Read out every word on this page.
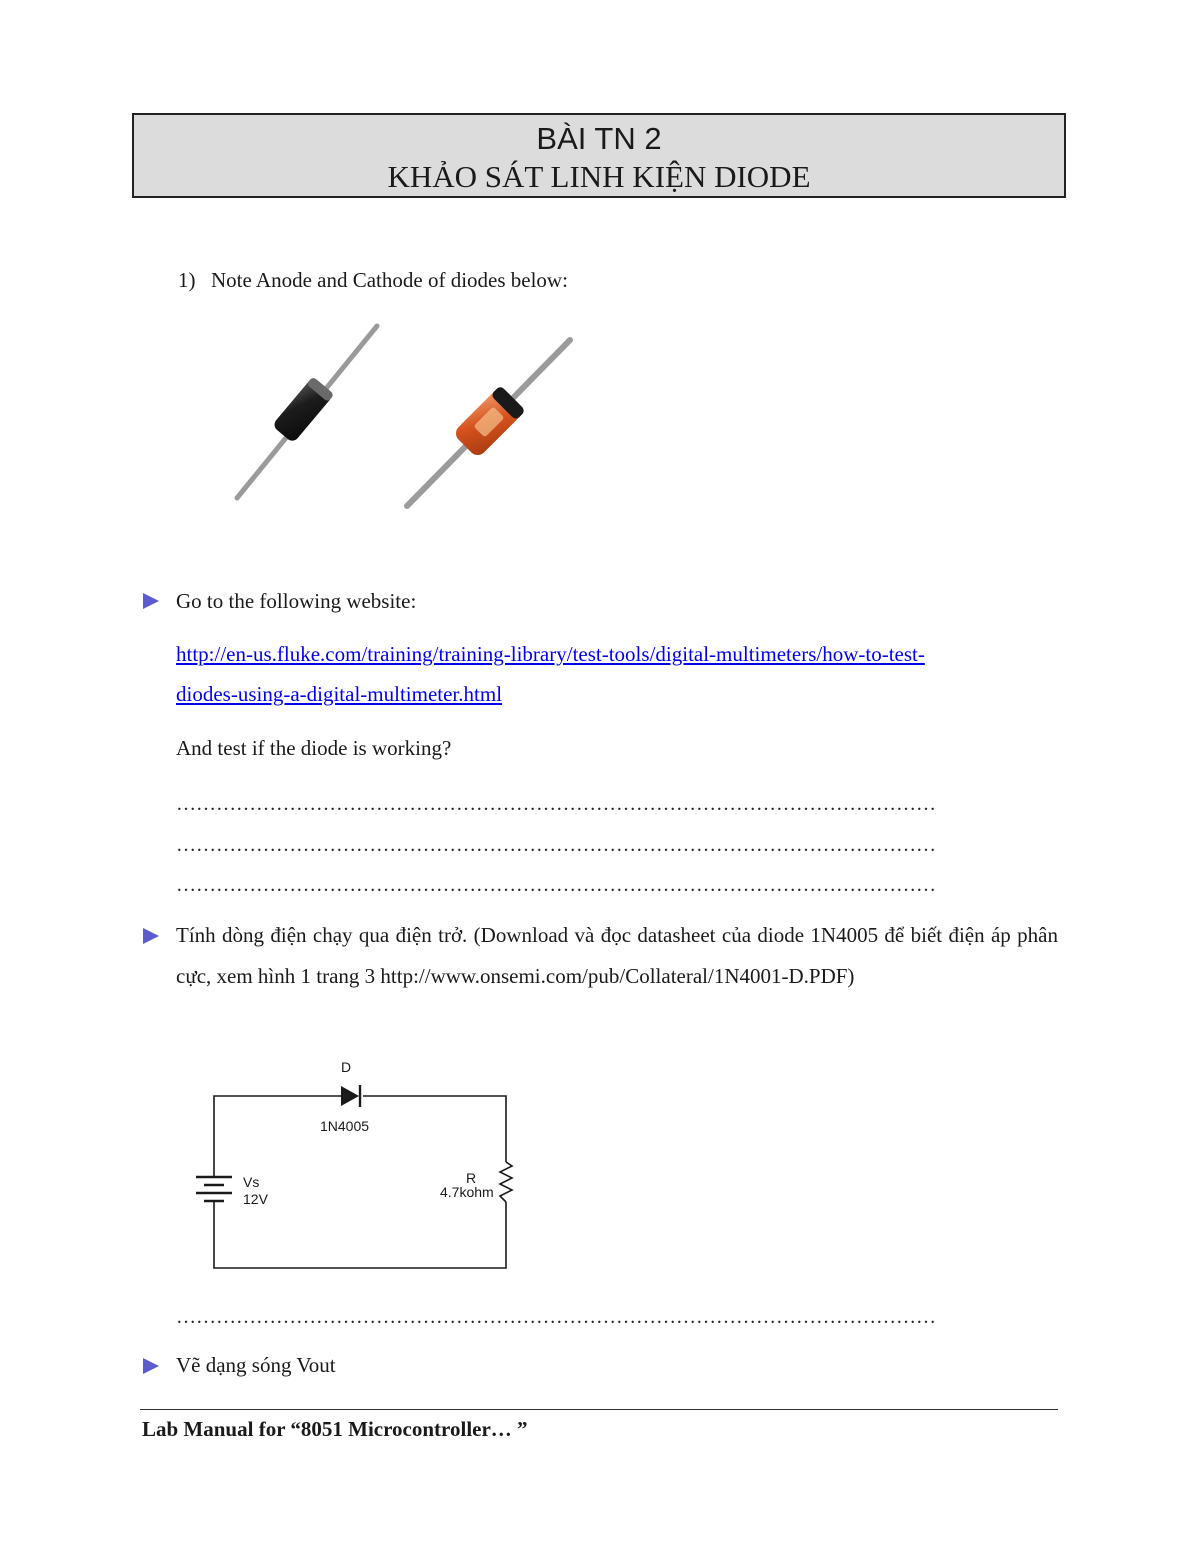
BÀI TN 2
KHẢO SÁT LINH KIỆN DIODE
1) Note Anode and Cathode of diodes below:
Go to the following website:
http://en-us.fluke.com/training/training-library/test-tools/digital-multimeters/how-to-test-
diodes-using-a-digital-multimeter.html
And test if the diode is working?
……………………………………………………………………………………………………
……………………………………………………………………………………………………
……………………………………………………………………………………………………
Tính dòng điện chạy qua điện trở. (Download và đọc datasheet của diode 1N4005 để biết điện áp phân cực, xem hình 1 trang 3 http://www.onsemi.com/pub/Collateral/1N4001-D.PDF)
D
1N4005
Vs
12V
R
4.7kohm
……………………………………………………………………………………………………
Vẽ dạng sóng Vout
Lab Manual for “8051 Microcontroller… ”
